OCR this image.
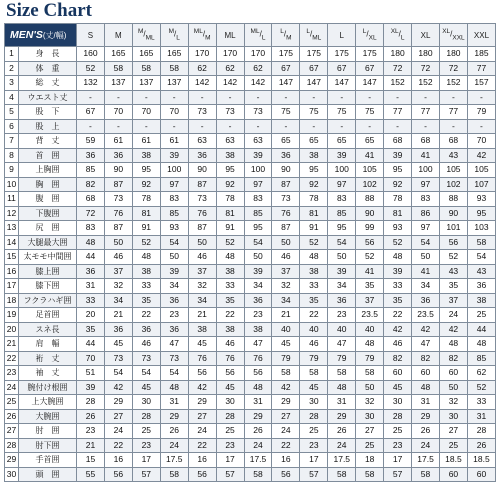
Size Chart
MEN'S(丈/幅)		S	M	$^M/_{ML}$	$^M/_L$	$^{ML}/_M$	ML	$^{ML}/_L$	$^L/_M$	$^L/_{ML}$	L	$^L/_{XL}$	$^{XL}/_L$	XL	$^{XL}/_{XXL}$	XXL
1	身　長	160	165	165	165	170	170	170	175	175	175	175	180	180	180	185
2	体　重	52	58	58	58	62	62	62	67	67	67	67	72	72	72	77
3	総　丈	132	137	137	137	142	142	142	147	147	147	147	152	152	152	157
4	ウエスト丈	-	-	-	-	-	-	-	-	-	-	-	-	-	-	-
5	股　下	67	70	70	70	73	73	73	75	75	75	75	77	77	77	79
6	股　上	-	-	-	-	-	-	-	-	-	-	-	-	-	-	-
7	背　丈	59	61	61	61	63	63	63	65	65	65	65	68	68	68	70
8	首　囲	36	36	38	39	36	38	39	36	38	39	41	39	41	43	42
9	上胸囲	85	90	95	100	90	95	100	90	95	100	105	95	100	105	105
10	胸　囲	82	87	92	97	87	92	97	87	92	97	102	92	97	102	107
11	腹　囲	68	73	78	83	73	78	83	73	78	83	88	78	83	88	93
12	下腹囲	72	76	81	85	76	81	85	76	81	85	90	81	86	90	95
13	尻　囲	83	87	91	93	87	91	95	87	91	95	99	93	97	101	103
14	大腿最大囲	48	50	52	54	50	52	54	50	52	54	56	52	54	56	58
15	太モモ中間囲	44	46	48	50	46	48	50	46	48	50	52	48	50	52	54
16	膝上囲	36	37	38	39	37	38	39	37	38	39	41	39	41	43	43
17	膝下囲	31	32	33	34	32	33	34	32	33	34	35	33	34	35	36
18	フクラハギ囲	33	34	35	36	34	35	36	34	35	36	37	35	36	37	38
19	足首囲	20	21	22	23	21	22	23	21	22	23	23.5	22	23.5	24	25
20	スネ長	35	36	36	36	38	38	38	40	40	40	40	42	42	42	44
21	肩　幅	44	45	46	47	45	46	47	45	46	47	48	46	47	48	48
22	裄　丈	70	73	73	73	76	76	76	79	79	79	79	82	82	82	85
23	袖　丈	51	54	54	54	56	56	56	58	58	58	58	60	60	60	62
24	腕付け根囲	39	42	45	48	42	45	48	42	45	48	50	45	48	50	52
25	上大腕囲	28	29	30	31	29	30	31	29	30	31	32	30	31	32	33
26	大腕囲	26	27	28	29	27	28	29	27	28	29	30	28	29	30	31
27	肘　囲	23	24	25	26	24	25	26	24	25	26	27	25	26	27	28
28	肘下囲	21	22	23	24	22	23	24	22	23	24	25	23	24	25	26
29	手首囲	15	16	17	17.5	16	17	17.5	16	17	17.5	18	17	17.5	18.5	18.5
30	頭　囲	55	56	57	58	56	57	58	56	57	58	58	57	58	60	60
